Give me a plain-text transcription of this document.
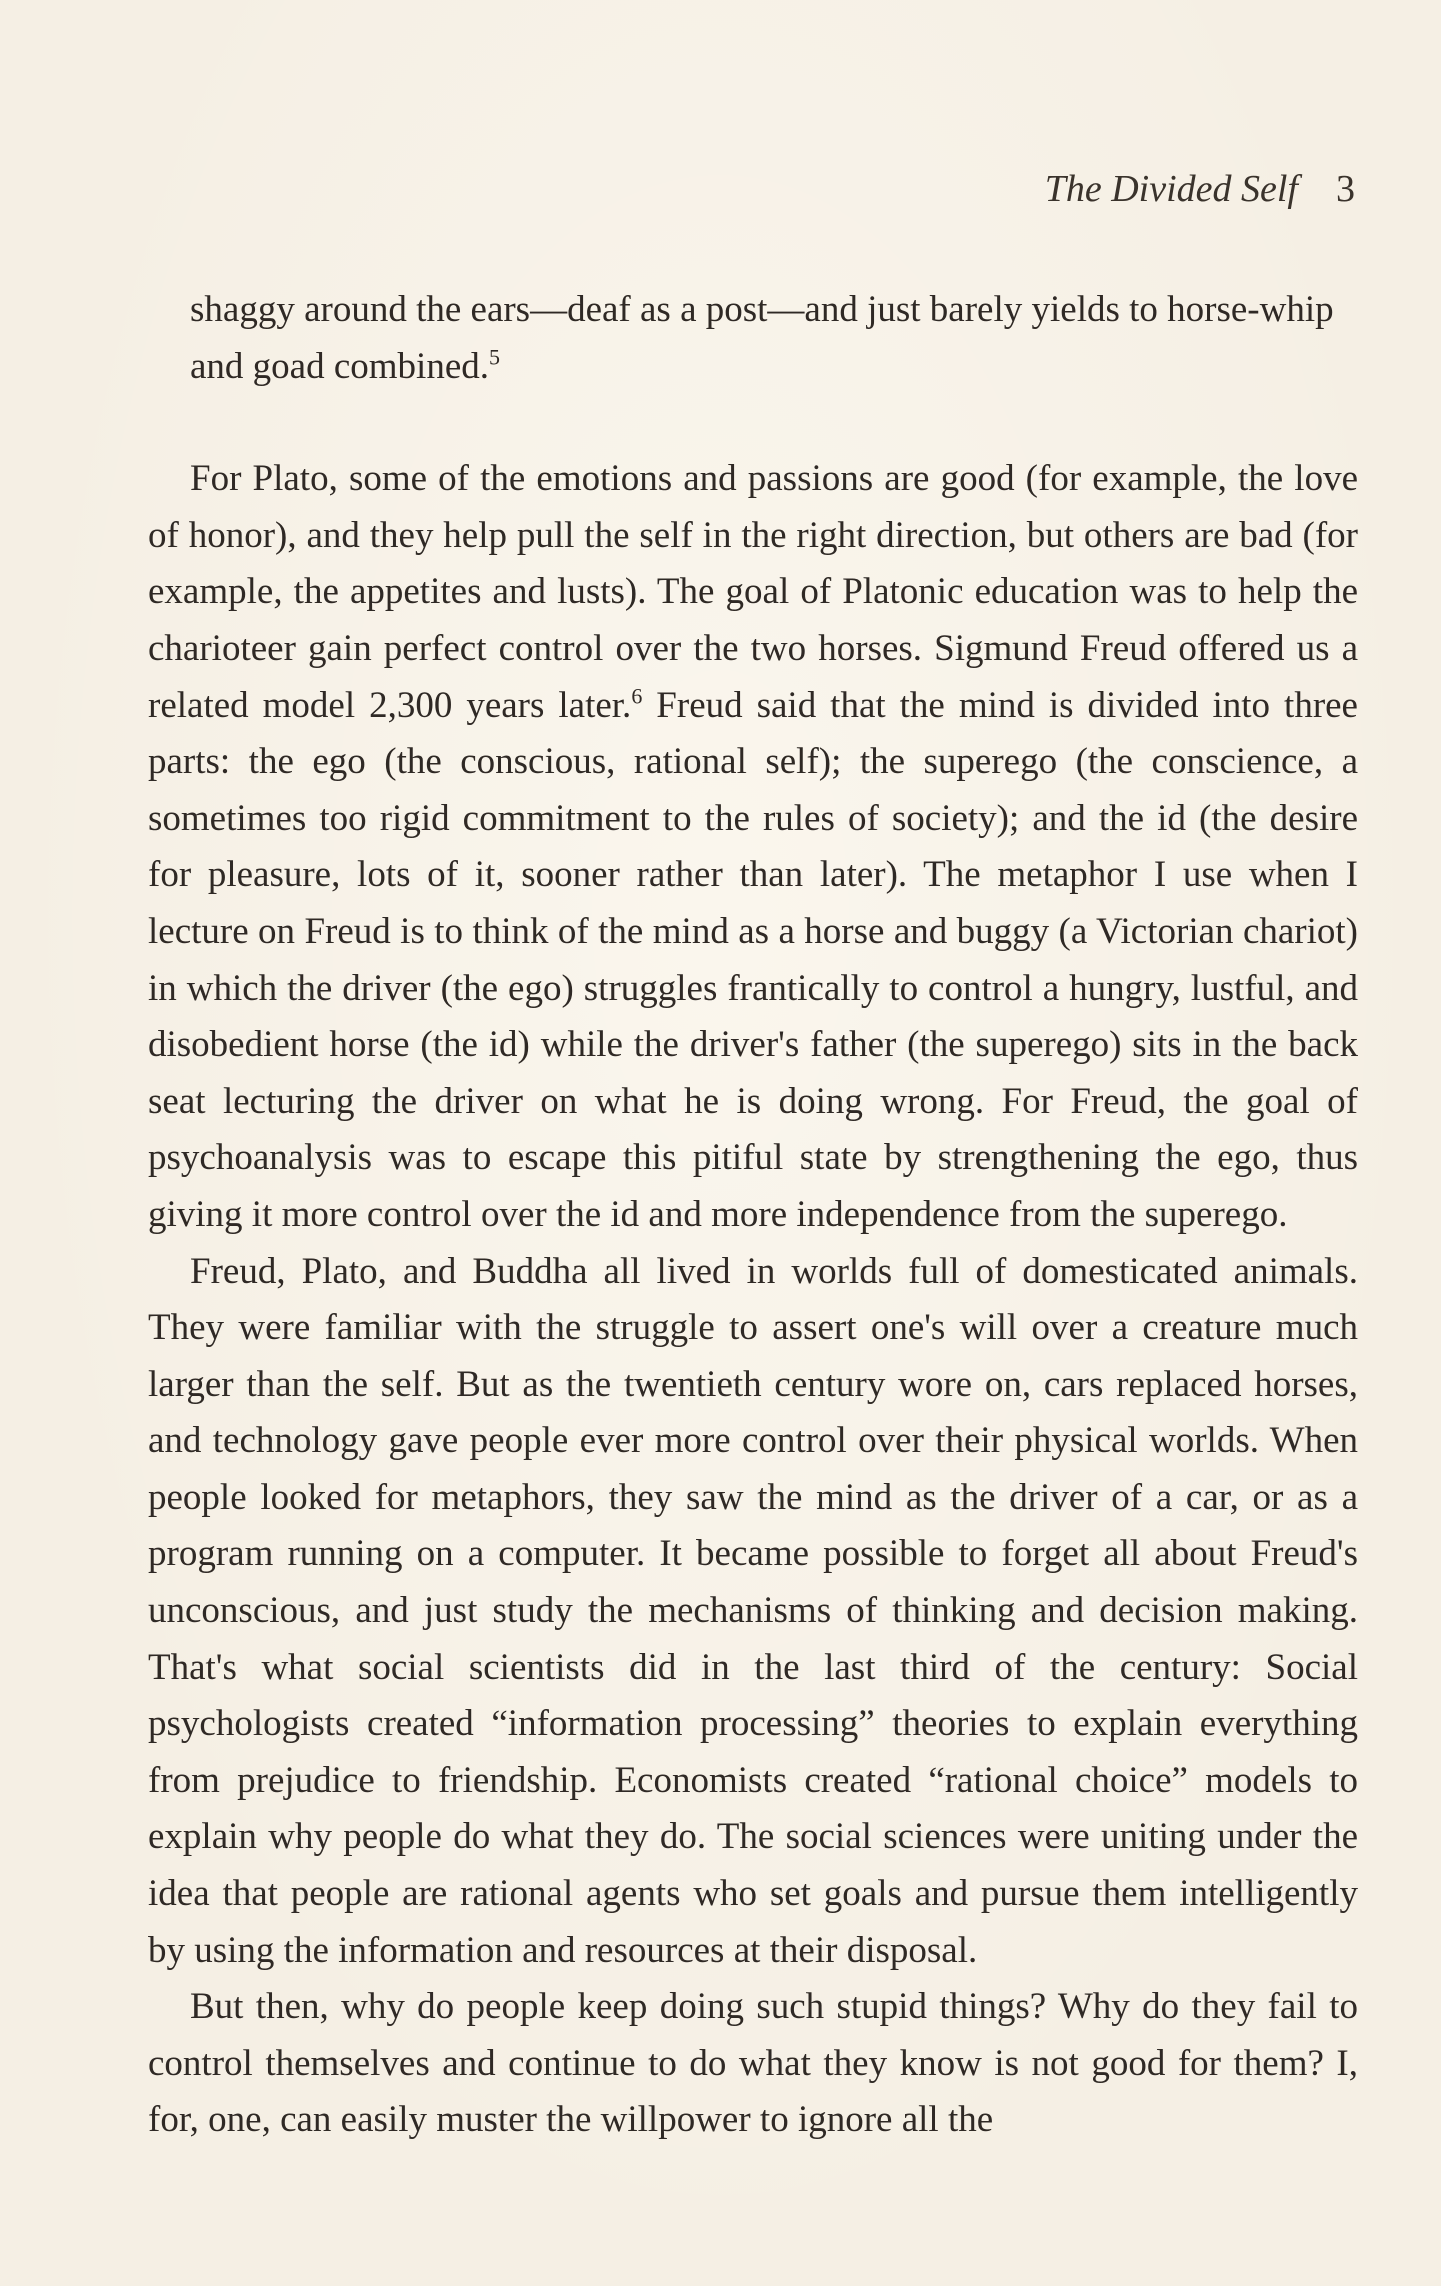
The Divided Self 3

shaggy around the ears—deaf as a post—and just barely yields to horse-whip and goad combined.$^5$

For Plato, some of the emotions and passions are good (for example, the love of honor), and they help pull the self in the right direction, but others are bad (for example, the appetites and lusts). The goal of Platonic education was to help the charioteer gain perfect control over the two horses. Sigmund Freud offered us a related model 2,300 years later.$^6$ Freud said that the mind is divided into three parts: the ego (the conscious, rational self); the superego (the conscience, a sometimes too rigid commitment to the rules of society); and the id (the desire for pleasure, lots of it, sooner rather than later). The metaphor I use when I lecture on Freud is to think of the mind as a horse and buggy (a Victorian chariot) in which the driver (the ego) struggles frantically to control a hungry, lustful, and disobedient horse (the id) while the driver's father (the superego) sits in the back seat lecturing the driver on what he is doing wrong. For Freud, the goal of psychoanalysis was to escape this pitiful state by strengthening the ego, thus giving it more control over the id and more independence from the superego.

Freud, Plato, and Buddha all lived in worlds full of domesticated animals. They were familiar with the struggle to assert one's will over a creature much larger than the self. But as the twentieth century wore on, cars replaced horses, and technology gave people ever more control over their physical worlds. When people looked for metaphors, they saw the mind as the driver of a car, or as a program running on a computer. It became possible to forget all about Freud's unconscious, and just study the mechanisms of thinking and decision making. That's what social scientists did in the last third of the century: Social psychologists created “information processing” theories to explain everything from prejudice to friendship. Economists created “rational choice” models to explain why people do what they do. The social sciences were uniting under the idea that people are rational agents who set goals and pursue them intelligently by using the information and resources at their disposal.

But then, why do people keep doing such stupid things? Why do they fail to control themselves and continue to do what they know is not good for them? I, for, one, can easily muster the willpower to ignore all the
